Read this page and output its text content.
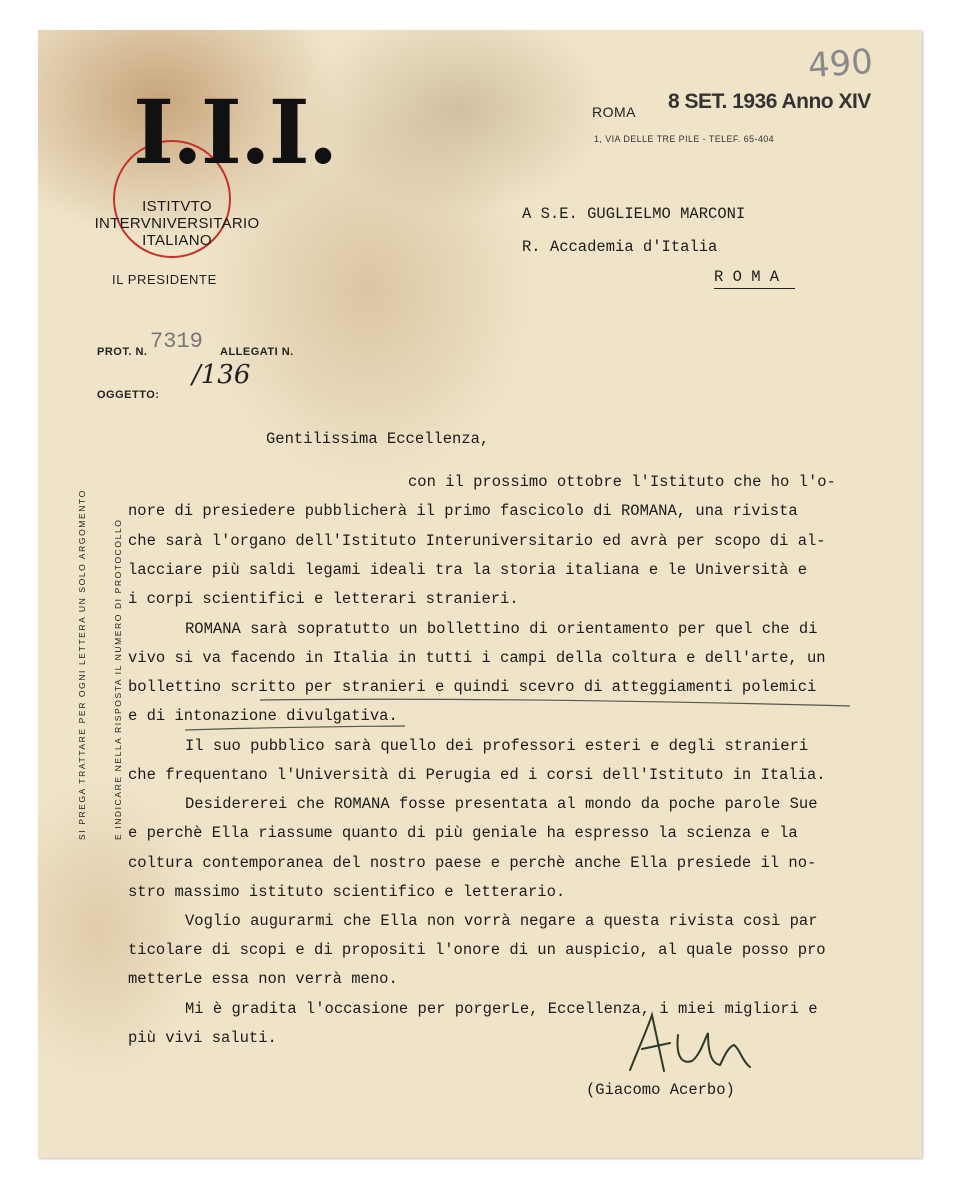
490
I.I.I.
ISTITVTO
INTERVNIVERSITARIO
ITALIANO
IL PRESIDENTE
PROT. N. 7319 ALLEGATI N.
OGGETTO:
/136
ROMA 8 SET. 1936 Anno XIV
1, VIA DELLE TRE PILE - TELEF. 65-404
A S.E. GUGLIELMO MARCONI
R. Accademia d'Italia
R O M A
Gentilissima Eccellenza,
con il prossimo ottobre l'Istituto che ho l'o-
nore di presiedere pubblicherà il primo fascicolo di ROMANA, una rivista
che sarà l'organo dell'Istituto Interuniversitario ed avrà per scopo di al-
lacciare più saldi legami ideali tra la storia italiana e le Università e
i corpi scientifici e letterari stranieri.
ROMANA sarà sopratutto un bollettino di orientamento per quel che di
vivo si va facendo in Italia in tutti i campi della coltura e dell'arte, un
bollettino scritto per stranieri e quindi scevro di atteggiamenti polemici
e di intonazione divulgativa.
Il suo pubblico sarà quello dei professori esteri e degli stranieri
che frequentano l'Università di Perugia ed i corsi dell'Istituto in Italia.
Desidererei che ROMANA fosse presentata al mondo da poche parole Sue
e perchè Ella riassume quanto di più geniale ha espresso la scienza e la
coltura contemporanea del nostro paese e perchè anche Ella presiede il no-
stro massimo istituto scientifico e letterario.
Voglio augurarmi che Ella non vorrà negare a questa rivista così par
ticolare di scopi e di propositi l'onore di un auspicio, al quale posso pro
metterLe essa non verrà meno.
Mi è gradita l'occasione per porgerLe, Eccellenza, i miei migliori e
più vivi saluti.
(Giacomo Acerbo)

SI PREGA TRATTARE PER OGNI LETTERA UN SOLO ARGOMENTO

	E INDICARE NELLA RISPOSTA IL NUMERO DI PROTOCOLLO
